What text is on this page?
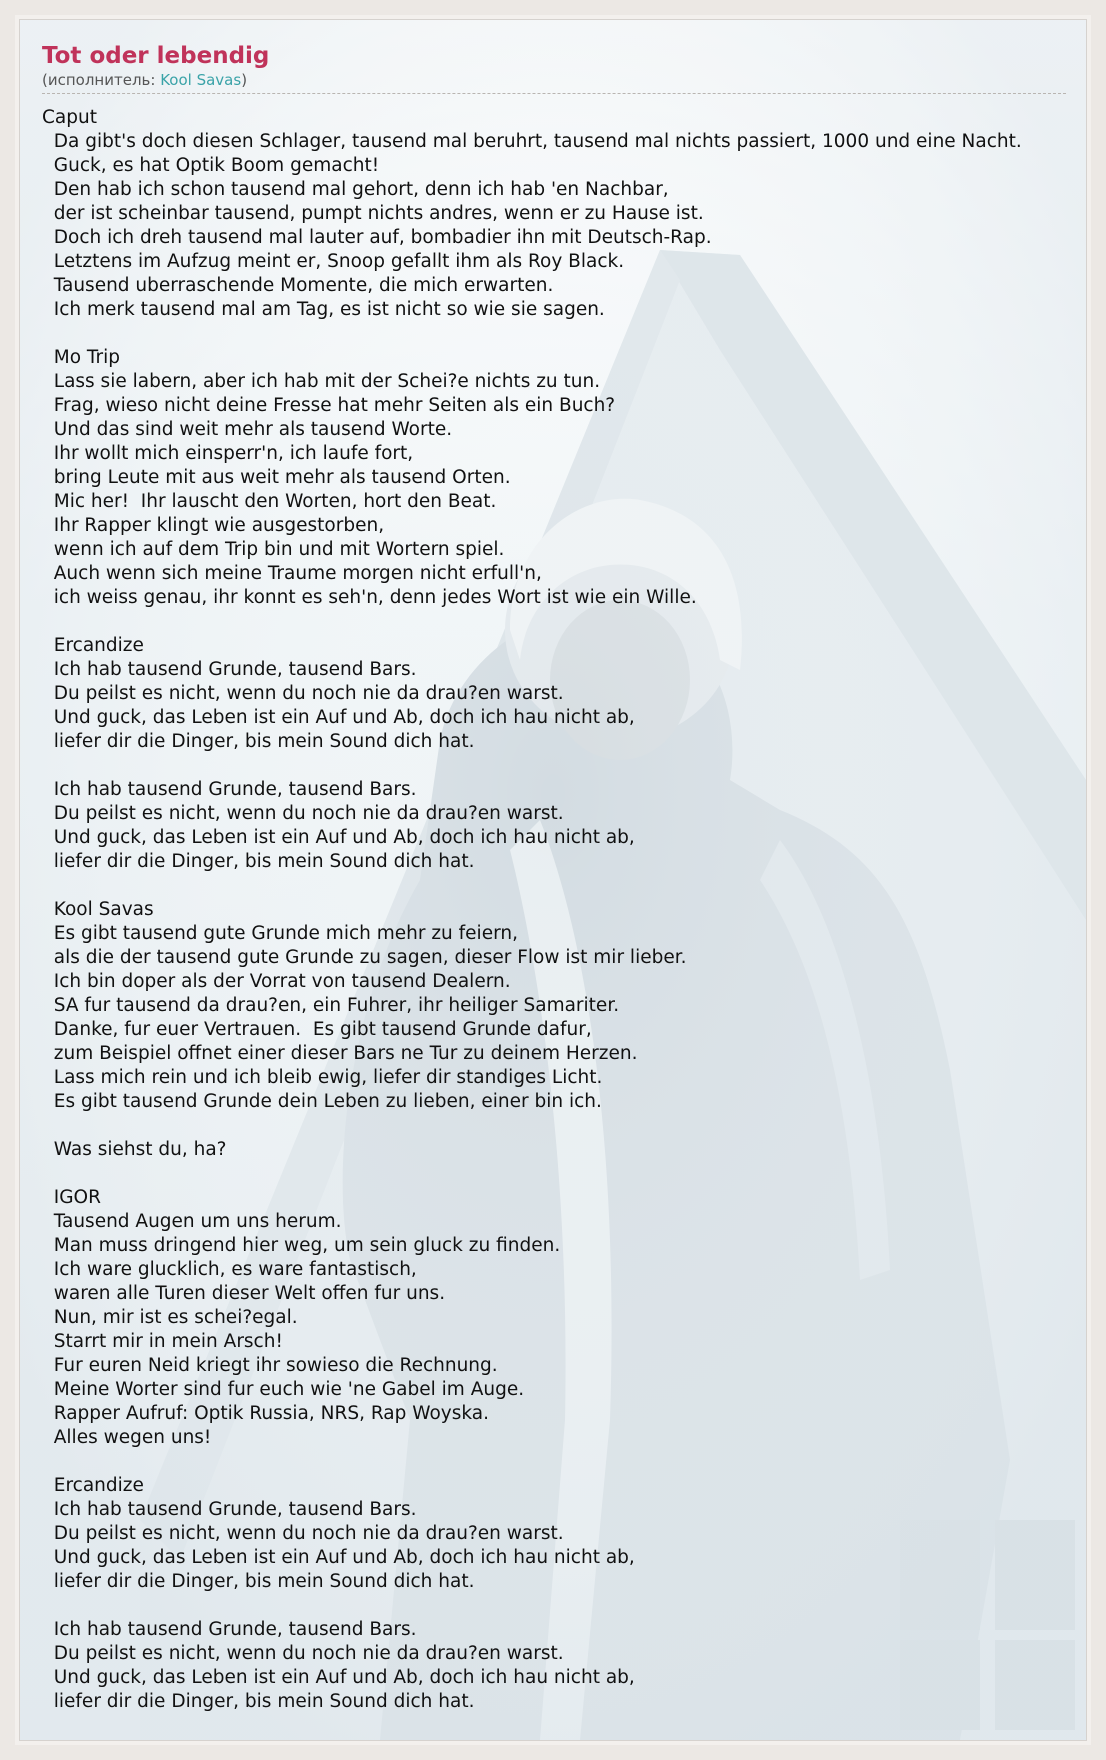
Tot oder lebendig
(исполнитель: Kool Savas)
Caput
Da gibt's doch diesen Schlager, tausend mal beruhrt, tausend mal nichts passiert, 1000 und eine Nacht.
Guck, es hat Optik Boom gemacht!
Den hab ich schon tausend mal gehort, denn ich hab 'en Nachbar,
der ist scheinbar tausend, pumpt nichts andres, wenn er zu Hause ist.
Doch ich dreh tausend mal lauter auf, bombadier ihn mit Deutsch-Rap.
Letztens im Aufzug meint er, Snoop gefallt ihm als Roy Black.
Tausend uberraschende Momente, die mich erwarten.
Ich merk tausend mal am Tag, es ist nicht so wie sie sagen.
Mo Trip
Lass sie labern, aber ich hab mit der Schei?e nichts zu tun.
Frag, wieso nicht deine Fresse hat mehr Seiten als ein Buch?
Und das sind weit mehr als tausend Worte.
Ihr wollt mich einsperr'n, ich laufe fort,
bring Leute mit aus weit mehr als tausend Orten.
Mic her!  Ihr lauscht den Worten, hort den Beat.
Ihr Rapper klingt wie ausgestorben,
wenn ich auf dem Trip bin und mit Wortern spiel.
Auch wenn sich meine Traume morgen nicht erfull'n,
ich weiss genau, ihr konnt es seh'n, denn jedes Wort ist wie ein Wille.
Ercandize
Ich hab tausend Grunde, tausend Bars.
Du peilst es nicht, wenn du noch nie da drau?en warst.
Und guck, das Leben ist ein Auf und Ab, doch ich hau nicht ab,
liefer dir die Dinger, bis mein Sound dich hat.
Ich hab tausend Grunde, tausend Bars.
Du peilst es nicht, wenn du noch nie da drau?en warst.
Und guck, das Leben ist ein Auf und Ab, doch ich hau nicht ab,
liefer dir die Dinger, bis mein Sound dich hat.
Kool Savas
Es gibt tausend gute Grunde mich mehr zu feiern,
als die der tausend gute Grunde zu sagen, dieser Flow ist mir lieber.
Ich bin doper als der Vorrat von tausend Dealern.
SA fur tausend da drau?en, ein Fuhrer, ihr heiliger Samariter.
Danke, fur euer Vertrauen.  Es gibt tausend Grunde dafur,
zum Beispiel offnet einer dieser Bars ne Tur zu deinem Herzen.
Lass mich rein und ich bleib ewig, liefer dir standiges Licht.
Es gibt tausend Grunde dein Leben zu lieben, einer bin ich.
Was siehst du, ha?
IGOR
Tausend Augen um uns herum.
Man muss dringend hier weg, um sein gluck zu finden.
Ich ware glucklich, es ware fantastisch,
waren alle Turen dieser Welt offen fur uns.
Nun, mir ist es schei?egal.
Starrt mir in mein Arsch!
Fur euren Neid kriegt ihr sowieso die Rechnung.
Meine Worter sind fur euch wie 'ne Gabel im Auge.
Rapper Aufruf: Optik Russia, NRS, Rap Woyska.
Alles wegen uns!
Ercandize
Ich hab tausend Grunde, tausend Bars.
Du peilst es nicht, wenn du noch nie da drau?en warst.
Und guck, das Leben ist ein Auf und Ab, doch ich hau nicht ab,
liefer dir die Dinger, bis mein Sound dich hat.
Ich hab tausend Grunde, tausend Bars.
Du peilst es nicht, wenn du noch nie da drau?en warst.
Und guck, das Leben ist ein Auf und Ab, doch ich hau nicht ab,
liefer dir die Dinger, bis mein Sound dich hat.
